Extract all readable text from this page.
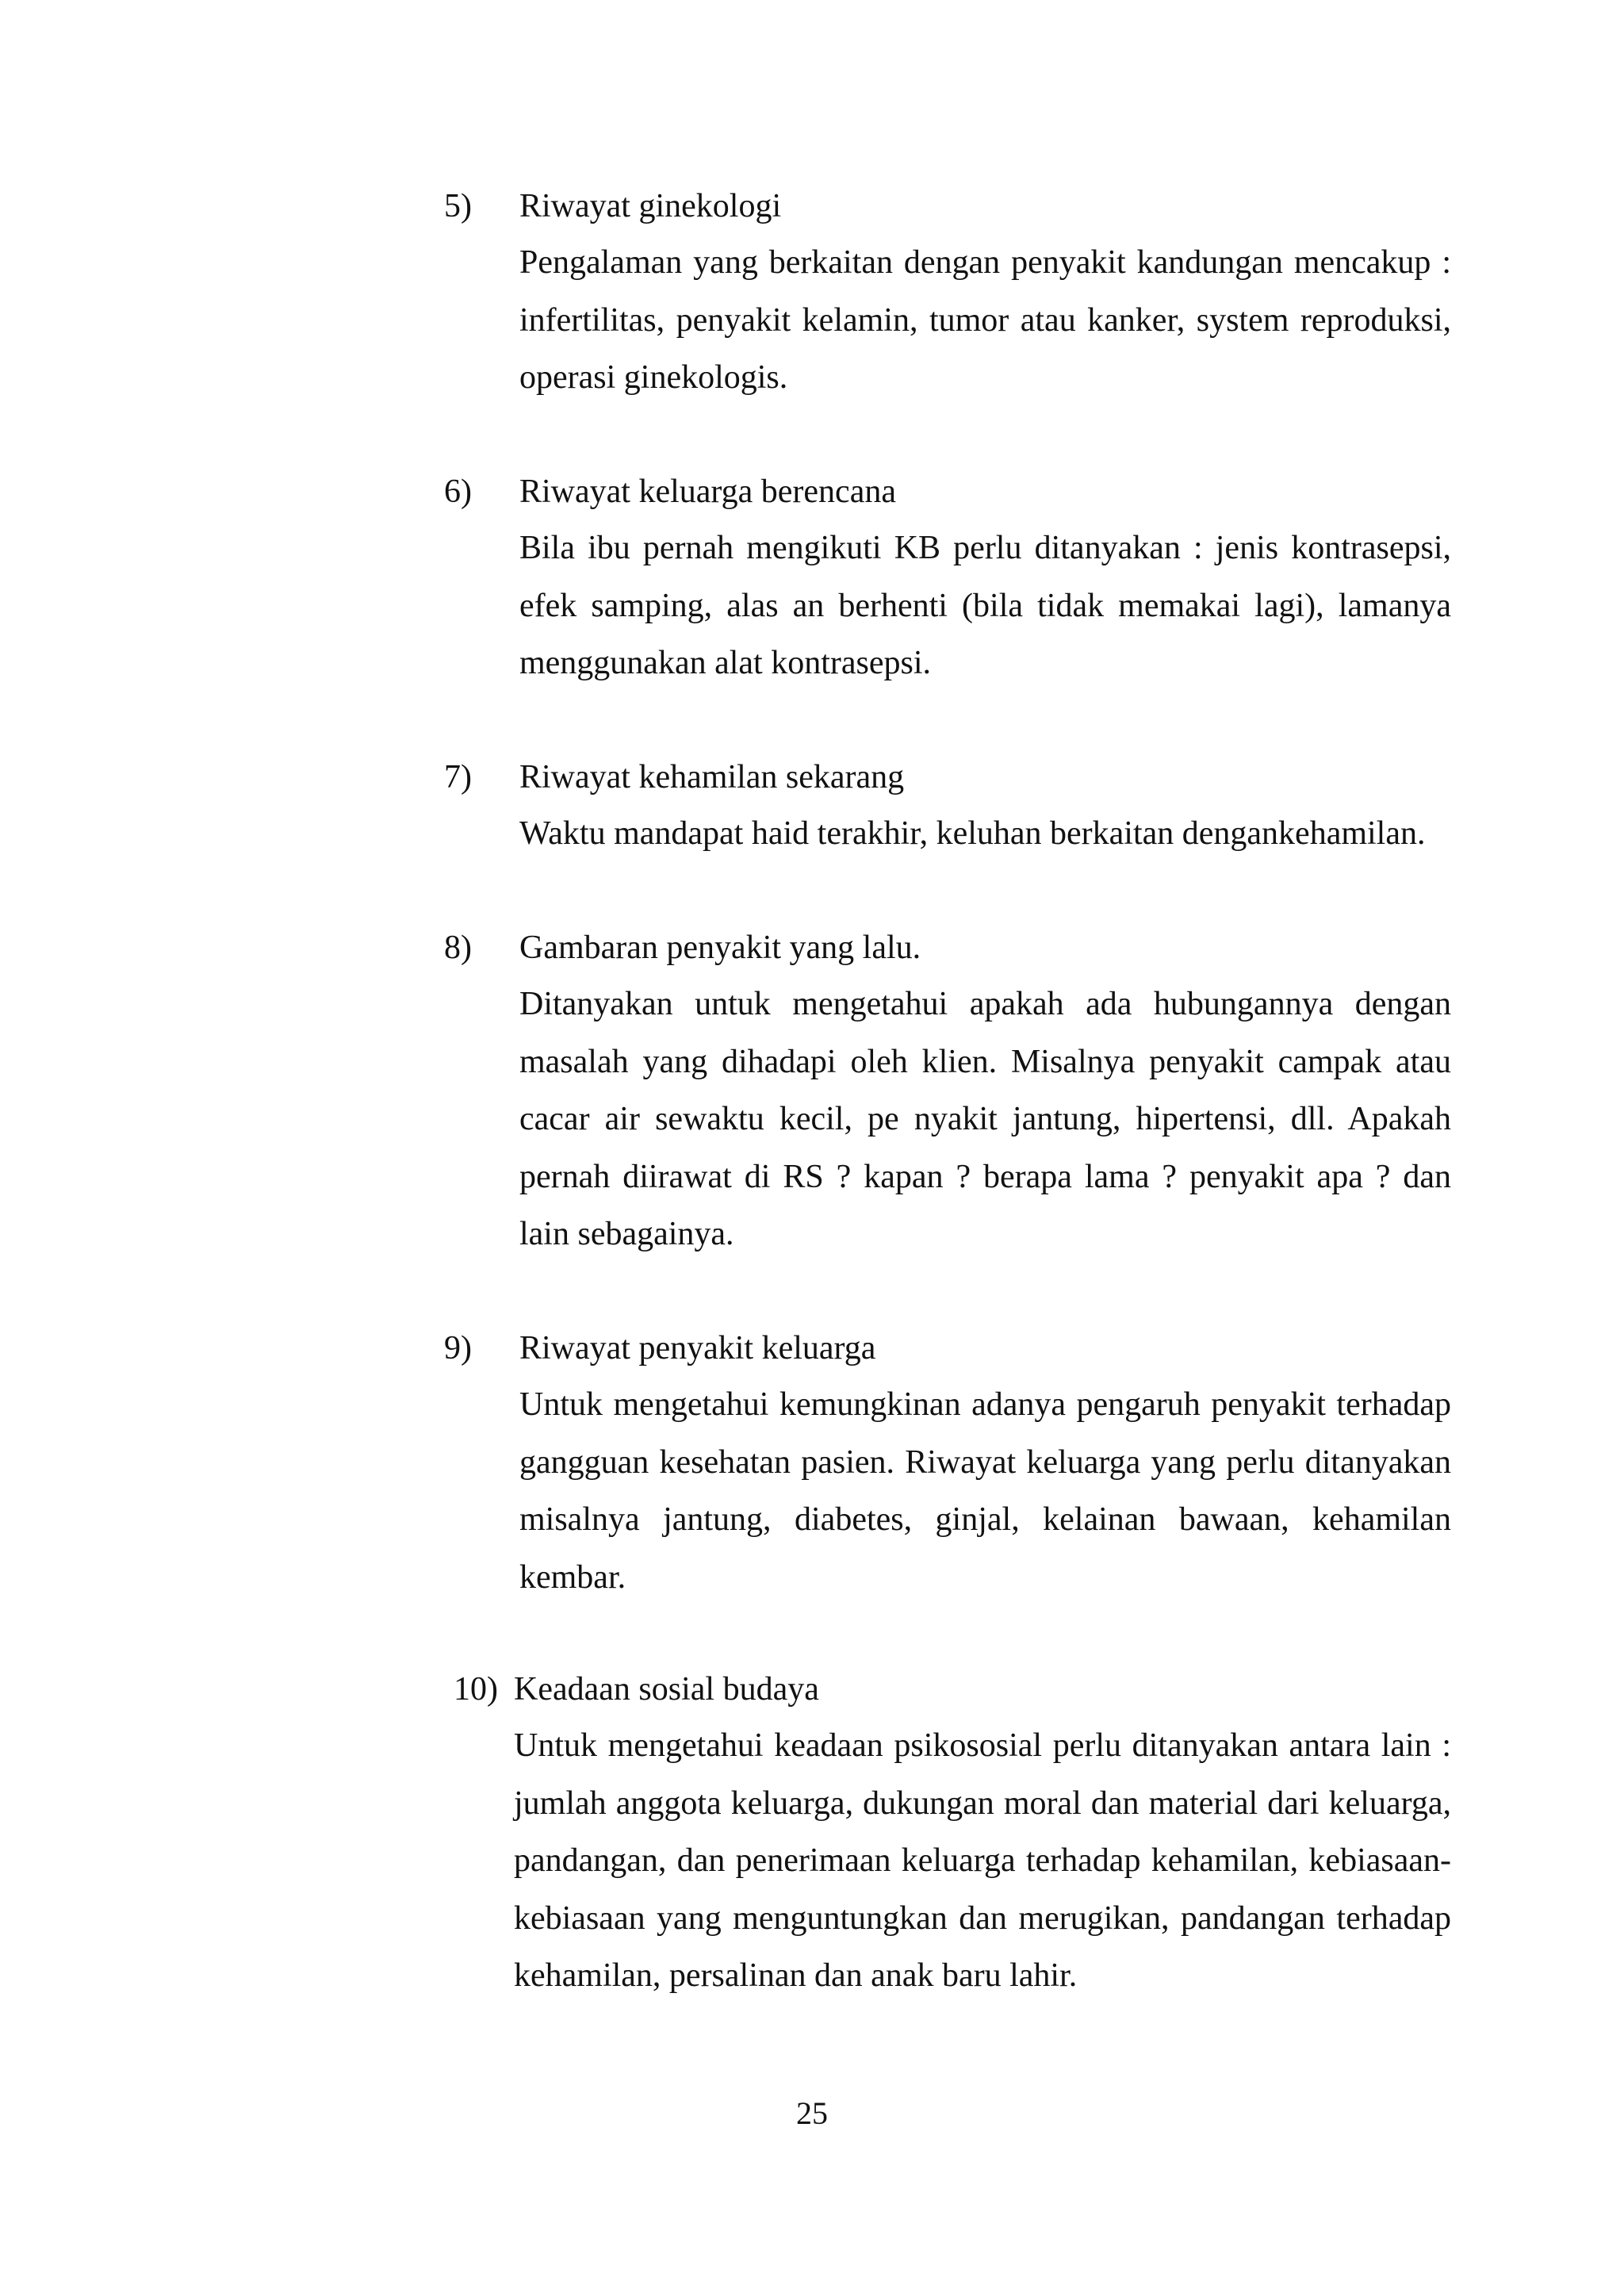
5) Riwayat ginekologi
Pengalaman yang berkaitan dengan penyakit kandungan mencakup : infertilitas, penyakit kelamin, tumor atau kanker, system reproduksi, operasi ginekologis.
6) Riwayat keluarga berencana
Bila ibu pernah mengikuti KB perlu ditanyakan : jenis kontrasepsi, efek samping, alas an berhenti (bila tidak memakai lagi), lamanya menggunakan alat kontrasepsi.
7) Riwayat kehamilan sekarang
Waktu mandapat haid terakhir, keluhan berkaitan dengankehamilan.
8) Gambaran penyakit yang lalu.
Ditanyakan untuk mengetahui apakah ada hubungannya dengan masalah yang dihadapi oleh klien. Misalnya penyakit campak atau cacar air sewaktu kecil, pe nyakit jantung, hipertensi, dll. Apakah pernah diirawat di RS ? kapan ? berapa lama ? penyakit apa ? dan lain sebagainya.
9) Riwayat penyakit keluarga
Untuk mengetahui kemungkinan adanya pengaruh penyakit terhadap gangguan kesehatan pasien. Riwayat keluarga yang perlu ditanyakan misalnya jantung, diabetes, ginjal, kelainan bawaan, kehamilan kembar.
10) Keadaan sosial budaya
Untuk mengetahui keadaan psikososial perlu ditanyakan antara lain : jumlah anggota keluarga, dukungan moral dan material dari keluarga, pandangan, dan penerimaan keluarga terhadap kehamilan, kebiasaan-kebiasaan yang menguntungkan dan merugikan, pandangan terhadap kehamilan, persalinan dan anak baru lahir.
25
